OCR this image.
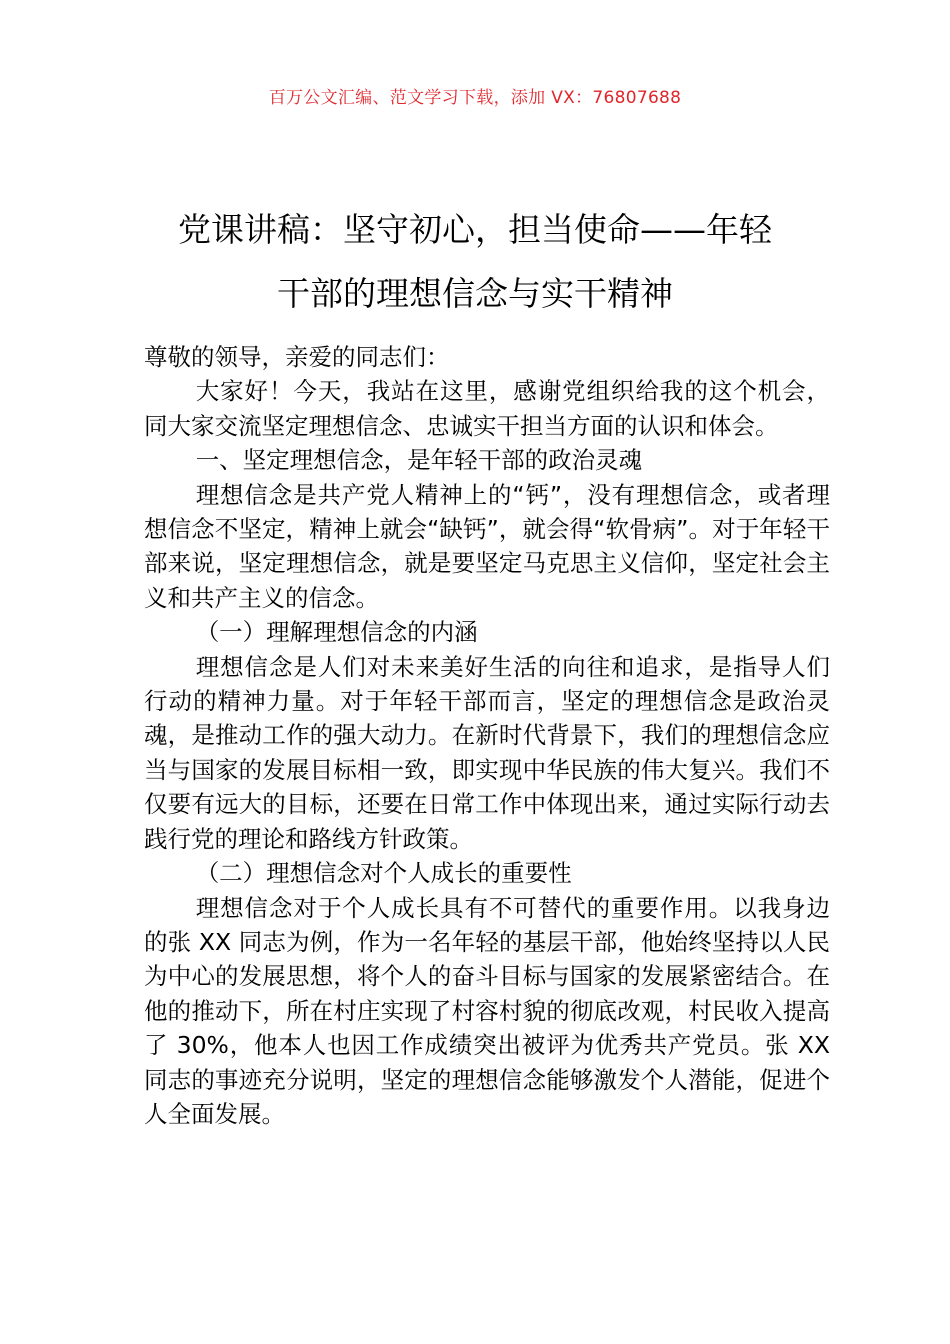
百万公文汇编、范文学习下载，添加 VX：76807688
党课讲稿：坚守初心，担当使命——年轻
干部的理想信念与实干精神

尊敬的领导，亲爱的同志们：

大家好！今天，我站在这里，感谢党组织给我的这个机会，同大家交流坚定理想信念、忠诚实干担当方面的认识和体会。

一、坚定理想信念，是年轻干部的政治灵魂

理想信念是共产党人精神上的“钙”，没有理想信念，或者理想信念不坚定，精神上就会“缺钙”，就会得“软骨病”。对于年轻干部来说，坚定理想信念，就是要坚定马克思主义信仰，坚定社会主义和共产主义的信念。

（一）理解理想信念的内涵

理想信念是人们对未来美好生活的向往和追求，是指导人们行动的精神力量。对于年轻干部而言，坚定的理想信念是政治灵魂，是推动工作的强大动力。在新时代背景下，我们的理想信念应当与国家的发展目标相一致，即实现中华民族的伟大复兴。我们不仅要有远大的目标，还要在日常工作中体现出来，通过实际行动去践行党的理论和路线方针政策。

（二）理想信念对个人成长的重要性

理想信念对于个人成长具有不可替代的重要作用。以我身边的张 XX 同志为例，作为一名年轻的基层干部，他始终坚持以人民为中心的发展思想，将个人的奋斗目标与国家的发展紧密结合。在他的推动下，所在村庄实现了村容村貌的彻底改观，村民收入提高了 30%，他本人也因工作成绩突出被评为优秀共产党员。张 XX 同志的事迹充分说明，坚定的理想信念能够激发个人潜能，促进个人全面发展。
